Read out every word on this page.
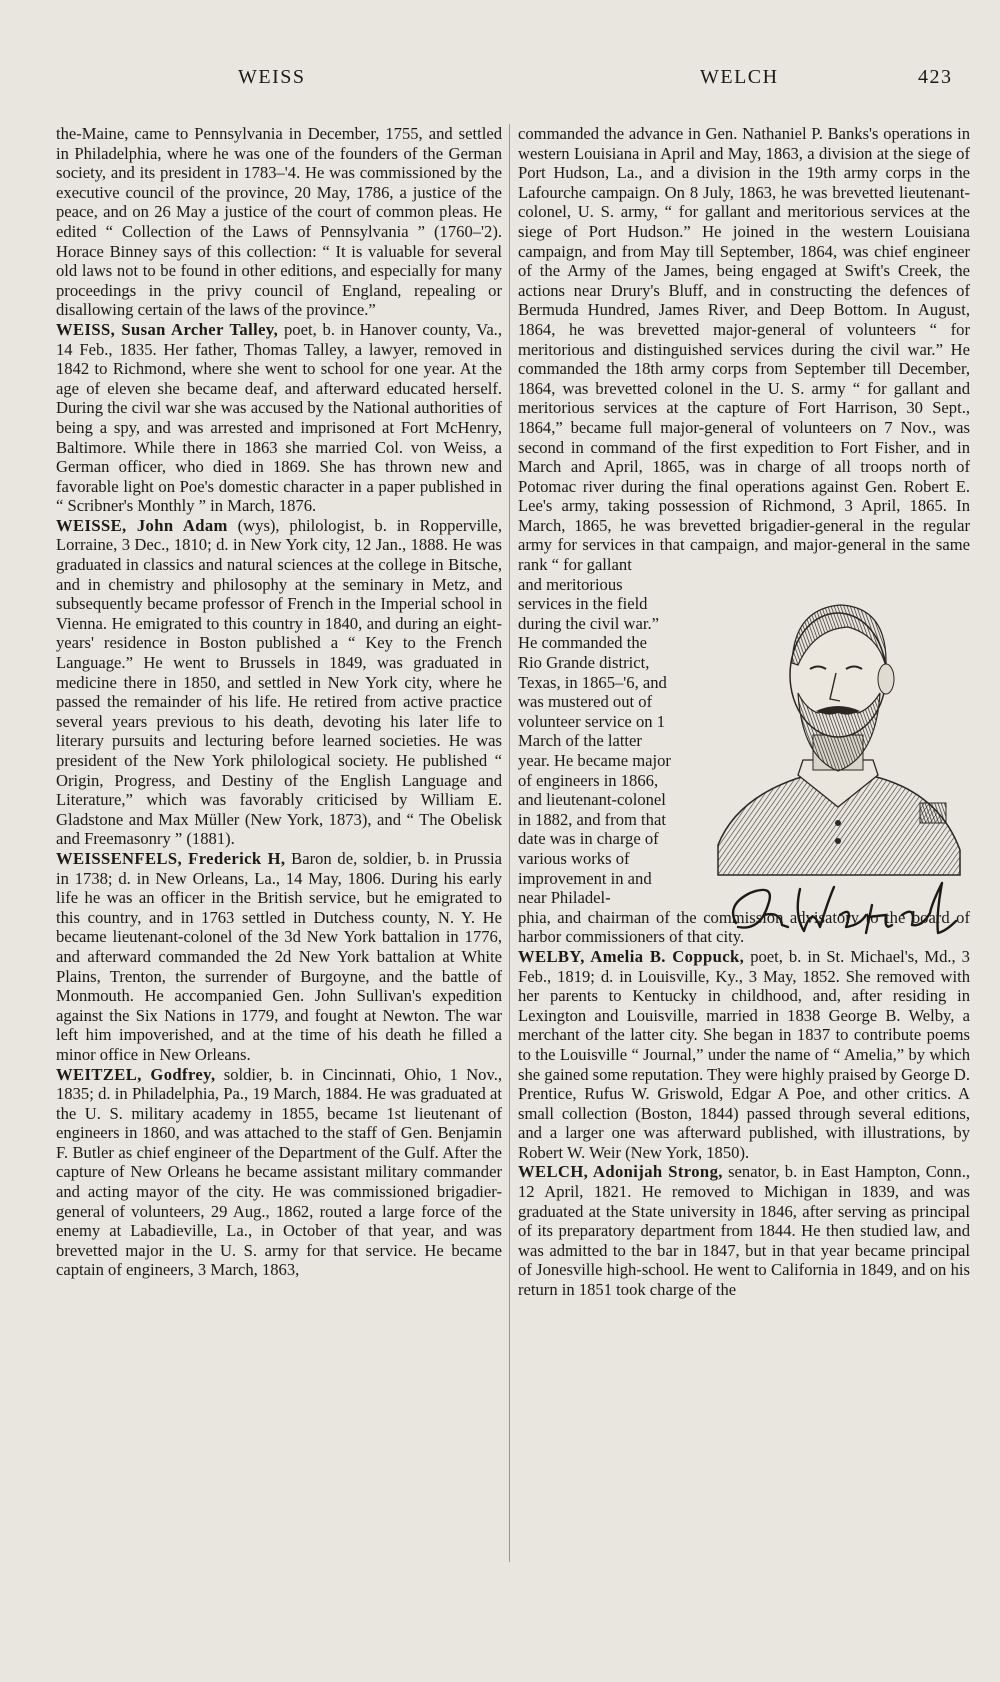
WEISS	WELCH	423

the-Maine, came to Pennsylvania in December, 1755, and settled in Philadelphia, where he was one of the founders of the German society, and its president in 1783–'4. He was commissioned by the executive council of the province, 20 May, 1786, a justice of the peace, and on 26 May a justice of the court of common pleas. He edited “ Collection of the Laws of Pennsylvania ” (1760–'2). Horace Binney says of this collection: “ It is valuable for several old laws not to be found in other editions, and especially for many proceedings in the privy council of England, repealing or disallowing certain of the laws of the province.”

WEISS, Susan Archer Talley, poet, b. in Hanover county, Va., 14 Feb., 1835. Her father, Thomas Talley, a lawyer, removed in 1842 to Richmond, where she went to school for one year. At the age of eleven she became deaf, and afterward educated herself. During the civil war she was accused by the National authorities of being a spy, and was arrested and imprisoned at Fort McHenry, Baltimore. While there in 1863 she married Col. von Weiss, a German officer, who died in 1869. She has thrown new and favorable light on Poe's domestic character in a paper published in “ Scribner's Monthly ” in March, 1876.

WEISSE, John Adam (wys), philologist, b. in Ropperville, Lorraine, 3 Dec., 1810; d. in New York city, 12 Jan., 1888. He was graduated in classics and natural sciences at the college in Bitsche, and in chemistry and philosophy at the seminary in Metz, and subsequently became professor of French in the Imperial school in Vienna. He emigrated to this country in 1840, and during an eight-years' residence in Boston published a “ Key to the French Language.” He went to Brussels in 1849, was graduated in medicine there in 1850, and settled in New York city, where he passed the remainder of his life. He retired from active practice several years previous to his death, devoting his later life to literary pursuits and lecturing before learned societies. He was president of the New York philological society. He published “ Origin, Progress, and Destiny of the English Language and Literature,” which was favorably criticised by William E. Gladstone and Max Müller (New York, 1873), and “ The Obelisk and Freemasonry ” (1881).

WEISSENFELS, Frederick H, Baron de, soldier, b. in Prussia in 1738; d. in New Orleans, La., 14 May, 1806. During his early life he was an officer in the British service, but he emigrated to this country, and in 1763 settled in Dutchess county, N. Y. He became lieutenant-colonel of the 3d New York battalion in 1776, and afterward commanded the 2d New York battalion at White Plains, Trenton, the surrender of Burgoyne, and the battle of Monmouth. He accompanied Gen. John Sullivan's expedition against the Six Nations in 1779, and fought at Newton. The war left him impoverished, and at the time of his death he filled a minor office in New Orleans.

WEITZEL, Godfrey, soldier, b. in Cincinnati, Ohio, 1 Nov., 1835; d. in Philadelphia, Pa., 19 March, 1884. He was graduated at the U. S. military academy in 1855, became 1st lieutenant of engineers in 1860, and was attached to the staff of Gen. Benjamin F. Butler as chief engineer of the Department of the Gulf. After the capture of New Orleans he became assistant military commander and acting mayor of the city. He was commissioned brigadier-general of volunteers, 29 Aug., 1862, routed a large force of the enemy at Labadieville, La., in October of that year, and was brevetted major in the U. S. army for that service. He became captain of engineers, 3 March, 1863,

commanded the advance in Gen. Nathaniel P. Banks's operations in western Louisiana in April and May, 1863, a division at the siege of Port Hudson, La., and a division in the 19th army corps in the Lafourche campaign. On 8 July, 1863, he was brevetted lieutenant-colonel, U. S. army, “ for gallant and meritorious services at the siege of Port Hudson.” He joined in the western Louisiana campaign, and from May till September, 1864, was chief engineer of the Army of the James, being engaged at Swift's Creek, the actions near Drury's Bluff, and in constructing the defences of Bermuda Hundred, James River, and Deep Bottom. In August, 1864, he was brevetted major-general of volunteers “ for meritorious and distinguished services during the civil war.” He commanded the 18th army corps from September till December, 1864, was brevetted colonel in the U. S. army “ for gallant and meritorious services at the capture of Fort Harrison, 30 Sept., 1864,” became full major-general of volunteers on 7 Nov., was second in command of the first expedition to Fort Fisher, and in March and April, 1865, was in charge of all troops north of Potomac river during the final operations against Gen. Robert E. Lee's army, taking possession of Richmond, 3 April, 1865. In March, 1865, he was brevetted brigadier-general in the regular army for services in that campaign, and major-general in the same rank “ for gallant

and meritorious services in the field during the civil war.” He commanded the Rio Grande district, Texas, in 1865–'6, and was mustered out of volunteer service on 1 March of the latter year. He became major of engineers in 1866, and lieutenant-colonel in 1882, and from that date was in charge of various works of improvement in and near Philadel-

phia, and chairman of the commission advisatory to the board of harbor commissioners of that city.

WELBY, Amelia B. Coppuck, poet, b. in St. Michael's, Md., 3 Feb., 1819; d. in Louisville, Ky., 3 May, 1852. She removed with her parents to Kentucky in childhood, and, after residing in Lexington and Louisville, married in 1838 George B. Welby, a merchant of the latter city. She began in 1837 to contribute poems to the Louisville “ Journal,” under the name of “ Amelia,” by which she gained some reputation. They were highly praised by George D. Prentice, Rufus W. Griswold, Edgar A Poe, and other critics. A small collection (Boston, 1844) passed through several editions, and a larger one was afterward published, with illustrations, by Robert W. Weir (New York, 1850).

WELCH, Adonijah Strong, senator, b. in East Hampton, Conn., 12 April, 1821. He removed to Michigan in 1839, and was graduated at the State university in 1846, after serving as principal of its preparatory department from 1844. He then studied law, and was admitted to the bar in 1847, but in that year became principal of Jonesville high-school. He went to California in 1849, and on his return in 1851 took charge of the
